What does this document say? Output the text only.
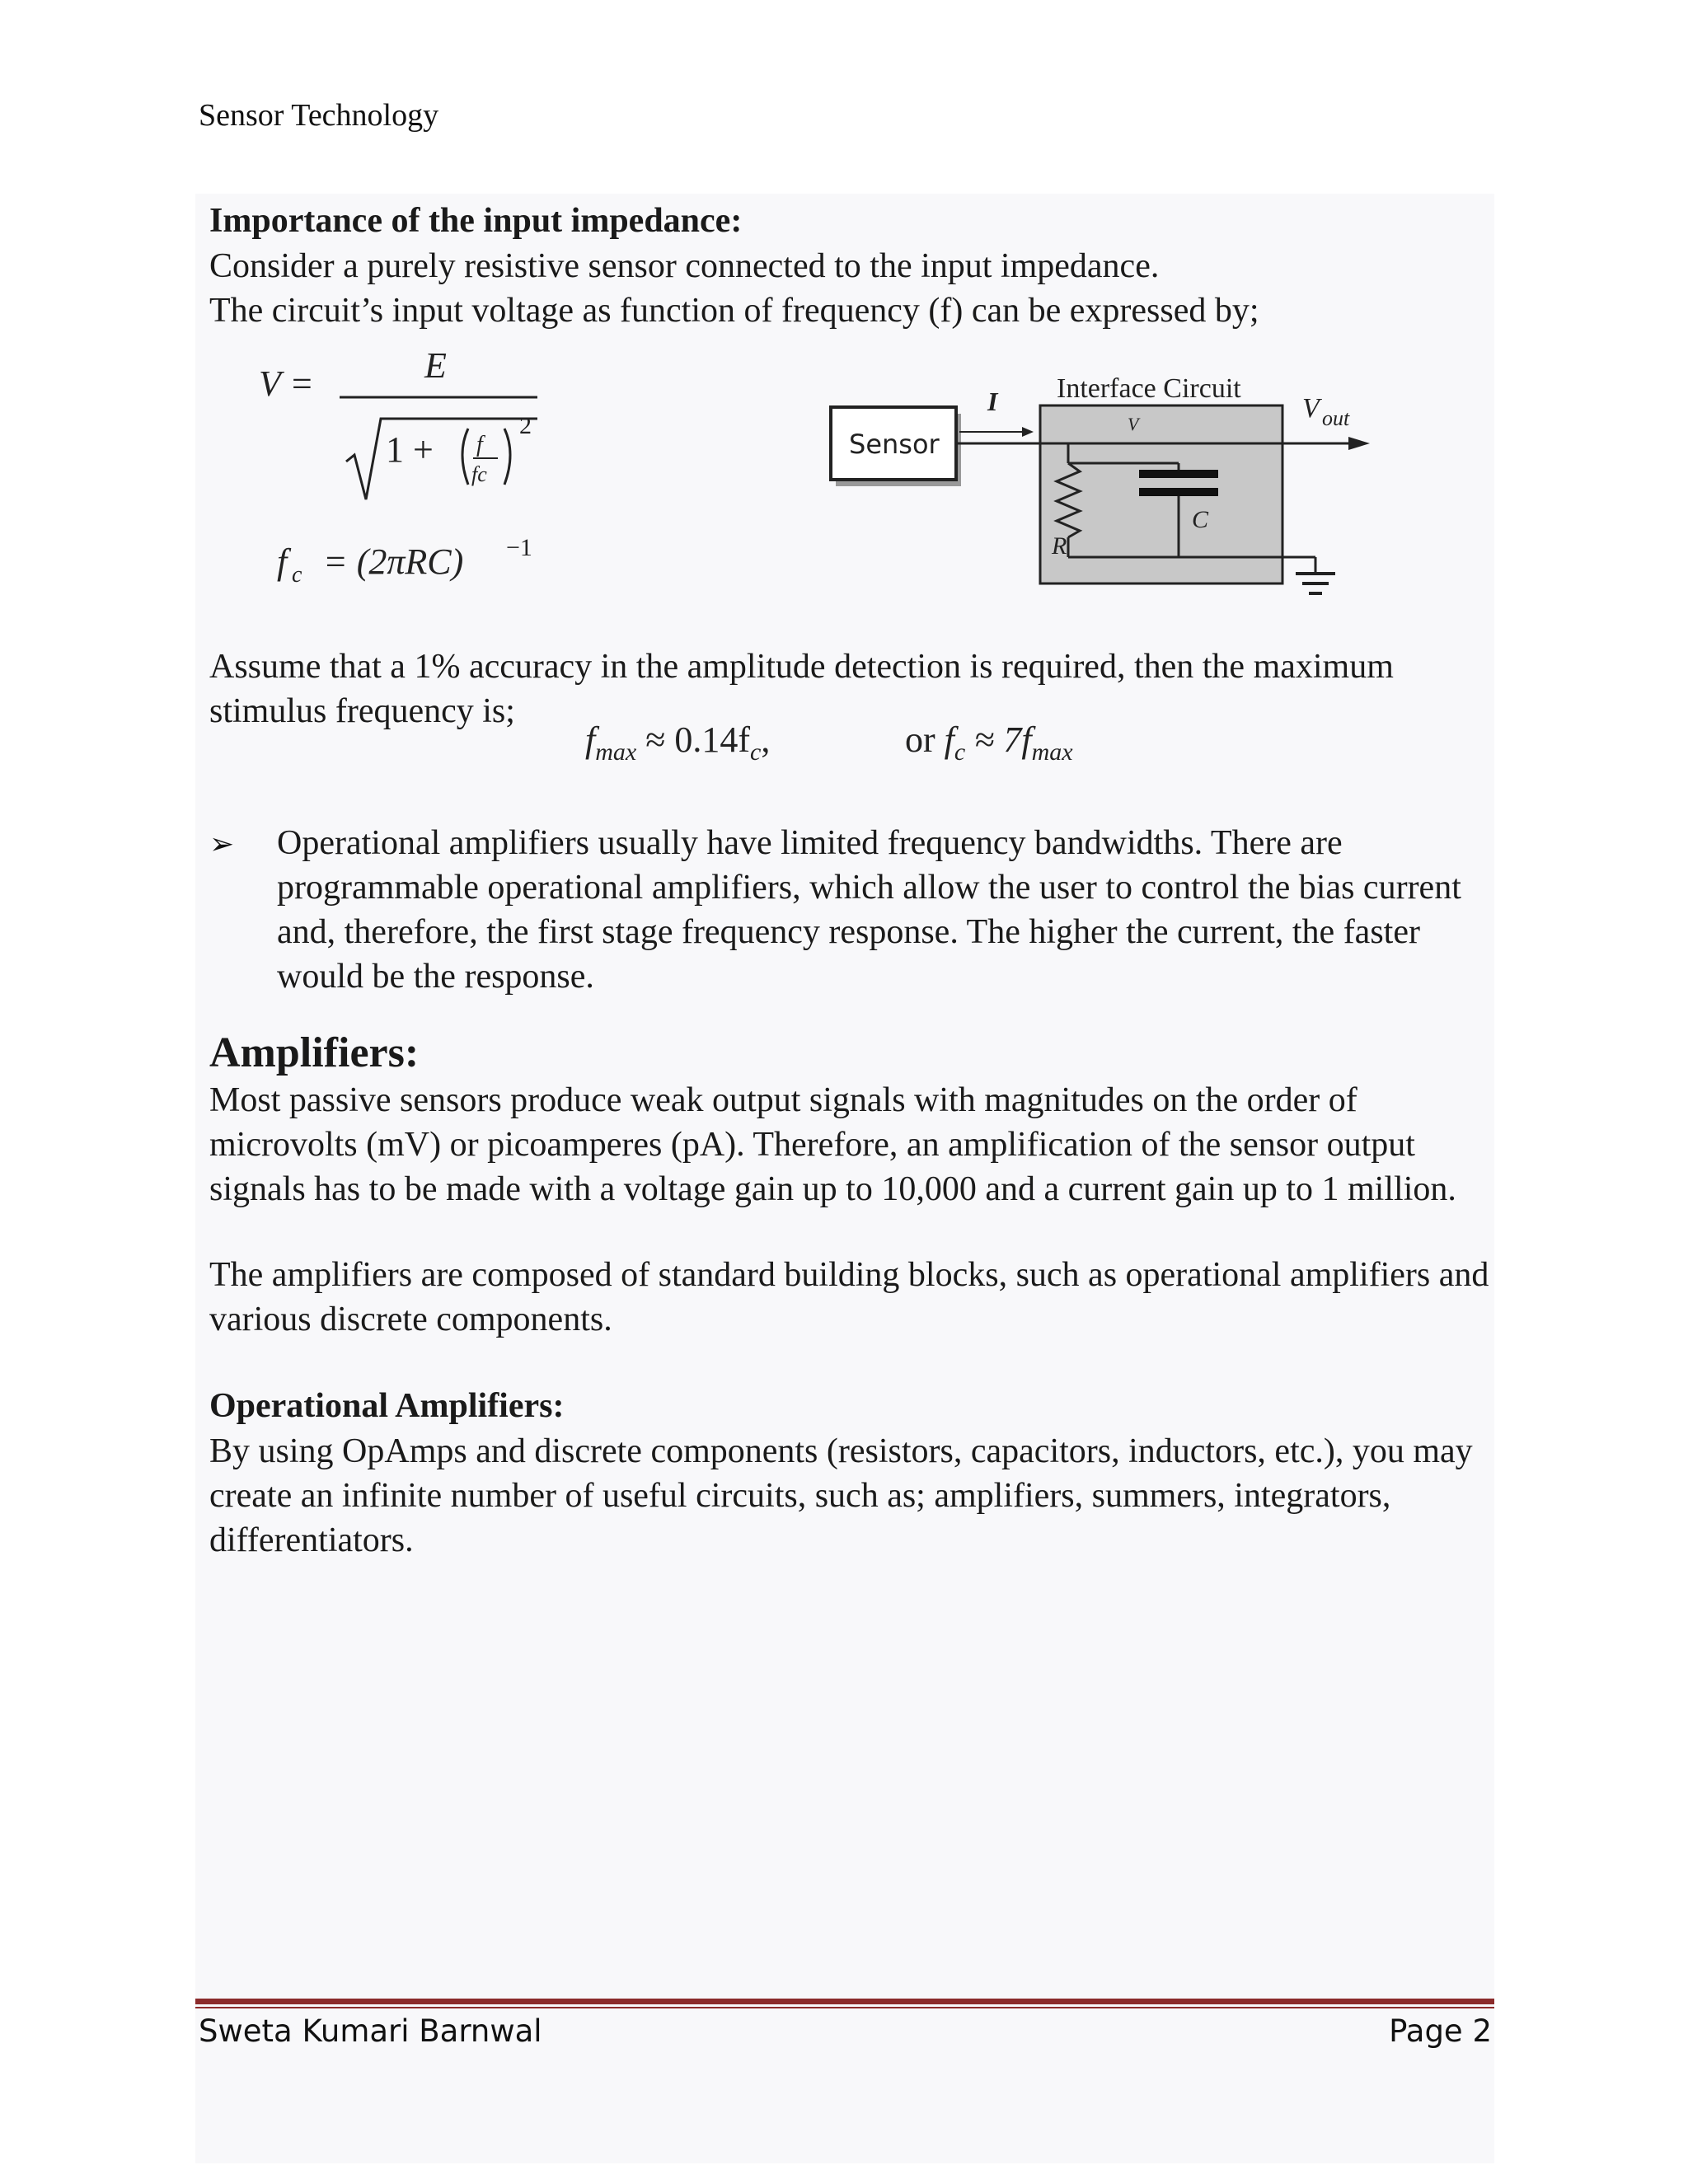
Sensor Technology
Importance of the input impedance:
Consider a purely resistive sensor connected to the input impedance.
The circuit’s input voltage as function of frequency (f) can be expressed by;
V =	E
1 + f
fc
2
f c = (2πRC) −1
Interface Circuit
Sensor
I
V
R
C
V out
Assume that a 1% accuracy in the amplitude detection is required, then the maximum
stimulus frequency is;
$f_{max} \approx 0.14f_c$,	or $f_c \approx 7f_{max}$
➢ Operational amplifiers usually have limited frequency bandwidths. There are programmable operational amplifiers, which allow the user to control the bias current and, therefore, the first stage frequency response. The higher the current, the faster would be the response.
Amplifiers:
Most passive sensors produce weak output signals with magnitudes on the order of microvolts (mV) or picoamperes (pA). Therefore, an amplification of the sensor output signals has to be made with a voltage gain up to 10,000 and a current gain up to 1 million.
The amplifiers are composed of standard building blocks, such as operational amplifiers and various discrete components.
Operational Amplifiers:
By using OpAmps and discrete components (resistors, capacitors, inductors, etc.), you may create an infinite number of useful circuits, such as; amplifiers, summers, integrators, differentiators.
Sweta Kumari Barnwal	Page 2
